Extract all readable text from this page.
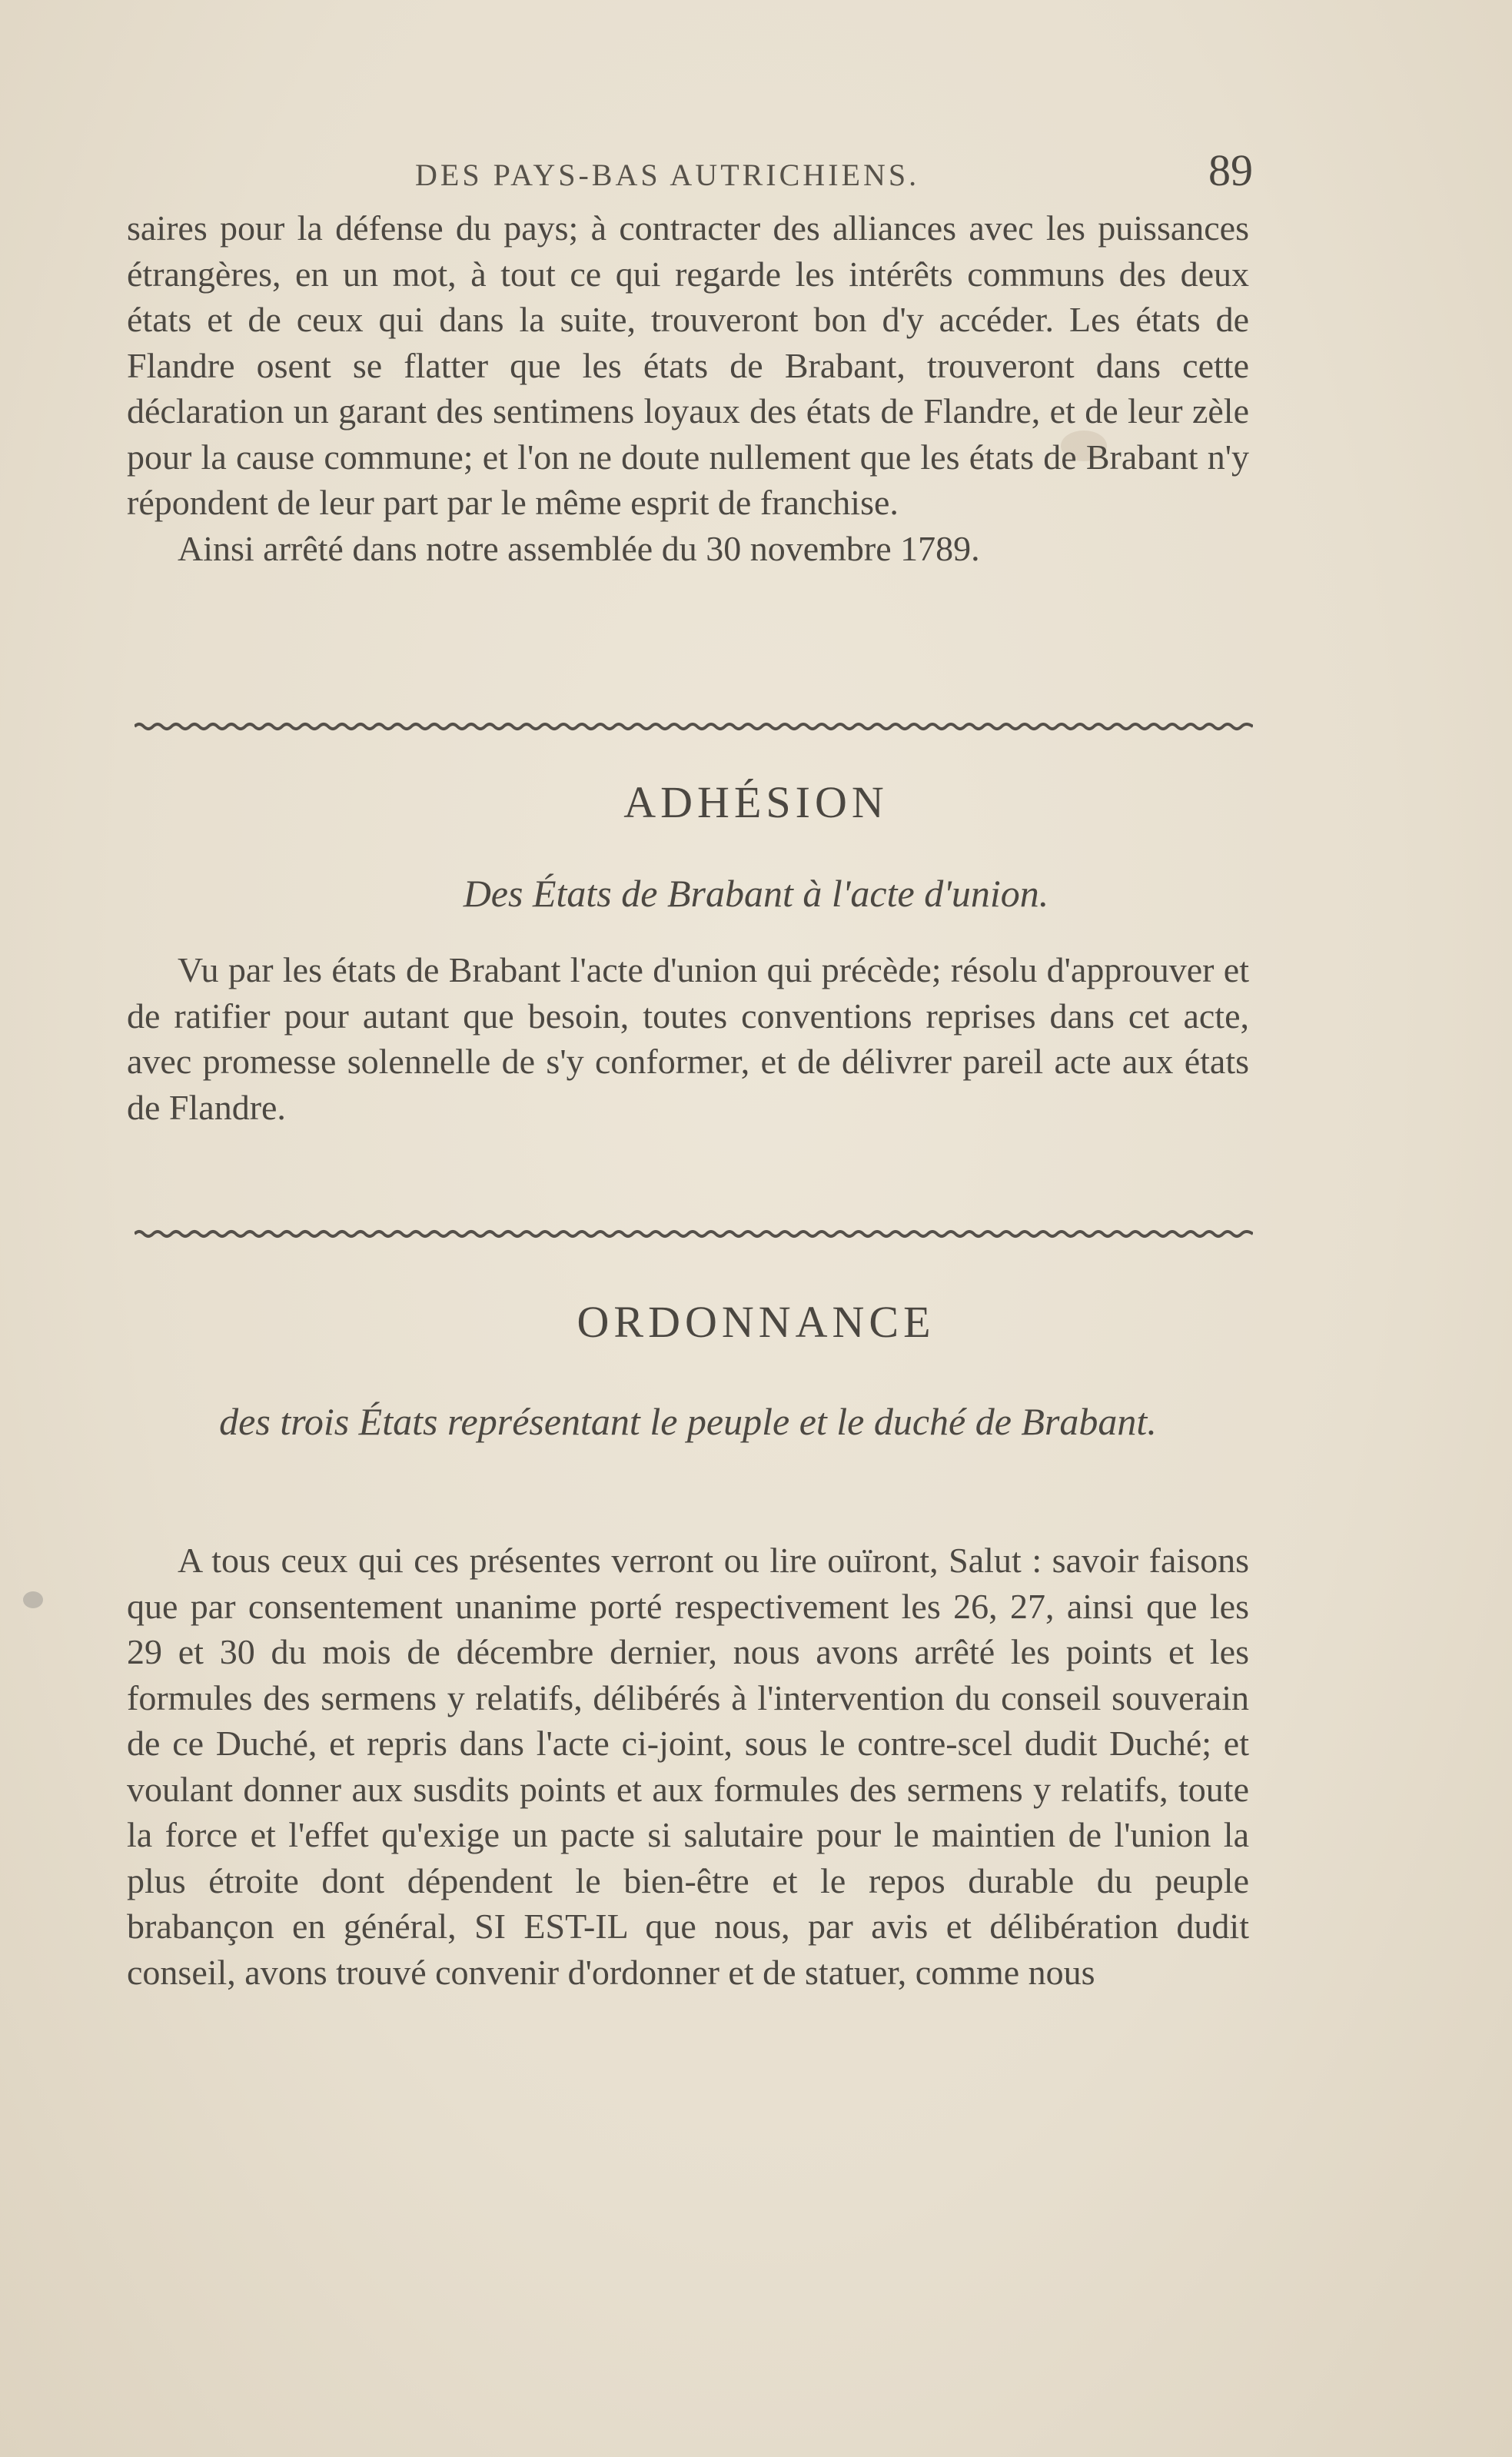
DES PAYS-BAS AUTRICHIENS.	89

saires pour la défense du pays; à contracter des alliances avec les puissances étrangères, en un mot, à tout ce qui regarde les intérêts communs des deux états et de ceux qui dans la suite, trouveront bon d'y accéder. Les états de Flandre osent se flatter que les états de Brabant, trouveront dans cette déclaration un garant des sentimens loyaux des états de Flandre, et de leur zèle pour la cause commune; et l'on ne doute nullement que les états de Brabant n'y répondent de leur part par le même esprit de franchise.

Ainsi arrêté dans notre assemblée du 30 novembre 1789.

ADHÉSION
Des États de Brabant à l'acte d'union.

Vu par les états de Brabant l'acte d'union qui précède; résolu d'approuver et de ratifier pour autant que besoin, toutes conventions reprises dans cet acte, avec promesse solennelle de s'y conformer, et de délivrer pareil acte aux états de Flandre.

ORDONNANCE
des trois États représentant le peuple et le duché de Brabant.

A tous ceux qui ces présentes verront ou lire ouïront, Salut : savoir faisons que par consentement unanime porté respectivement les 26, 27, ainsi que les 29 et 30 du mois de décembre dernier, nous avons arrêté les points et les formules des sermens y relatifs, délibérés à l'intervention du conseil souverain de ce Duché, et repris dans l'acte ci-joint, sous le contre-scel dudit Duché; et voulant donner aux susdits points et aux formules des sermens y relatifs, toute la force et l'effet qu'exige un pacte si salutaire pour le maintien de l'union la plus étroite dont dépendent le bien-être et le repos durable du peuple brabançon en général, SI EST-IL que nous, par avis et délibération dudit conseil, avons trouvé convenir d'ordonner et de statuer, comme nous
